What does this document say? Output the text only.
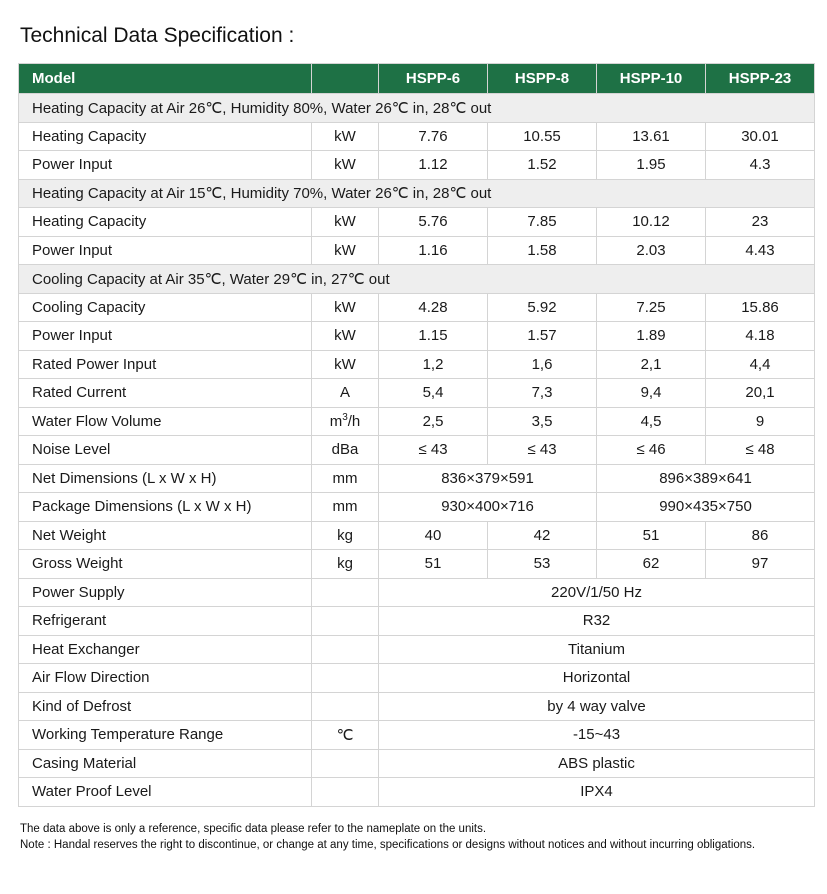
Technical Data Specification :
Model		HSPP-6	HSPP-8	HSPP-10	HSPP-23
Heating Capacity at Air 26℃, Humidity 80%, Water 26℃ in, 28℃ out					
Heating Capacity	kW	7.76	10.55	13.61	30.01
Power Input	kW	1.12	1.52	1.95	4.3
Heating Capacity at Air 15℃, Humidity 70%, Water 26℃ in, 28℃ out					
Heating Capacity	kW	5.76	7.85	10.12	23
Power Input	kW	1.16	1.58	2.03	4.43
Cooling Capacity at Air 35℃, Water 29℃ in, 27℃ out					
Cooling Capacity	kW	4.28	5.92	7.25	15.86
Power Input	kW	1.15	1.57	1.89	4.18
Rated Power Input	kW	1,2	1,6	2,1	4,4
Rated Current	A	5,4	7,3	9,4	20,1
Water Flow Volume	$m^3/h$	2,5	3,5	4,5	9
Noise Level	dBa	≤ 43	≤ 43	≤ 46	≤ 48
Net Dimensions (L x W x H)	mm	836×379×591		896×389×641	
Package Dimensions (L x W x H)	mm	930×400×716		990×435×750	
Net Weight	kg	40	42	51	86
Gross Weight	kg	51	53	62	97
Power Supply		220V/1/50 Hz			
Refrigerant		R32			
Heat Exchanger		Titanium			
Air Flow Direction		Horizontal			
Kind of Defrost		by 4 way valve			
Working Temperature Range	℃	-15~43			
Casing Material		ABS plastic			
Water Proof Level		IPX4			
The data above is only a reference, specific data please refer to the nameplate on the units.
Note : Handal reserves the right to discontinue, or change at any time, specifications or designs without notices and without incurring obligations.
